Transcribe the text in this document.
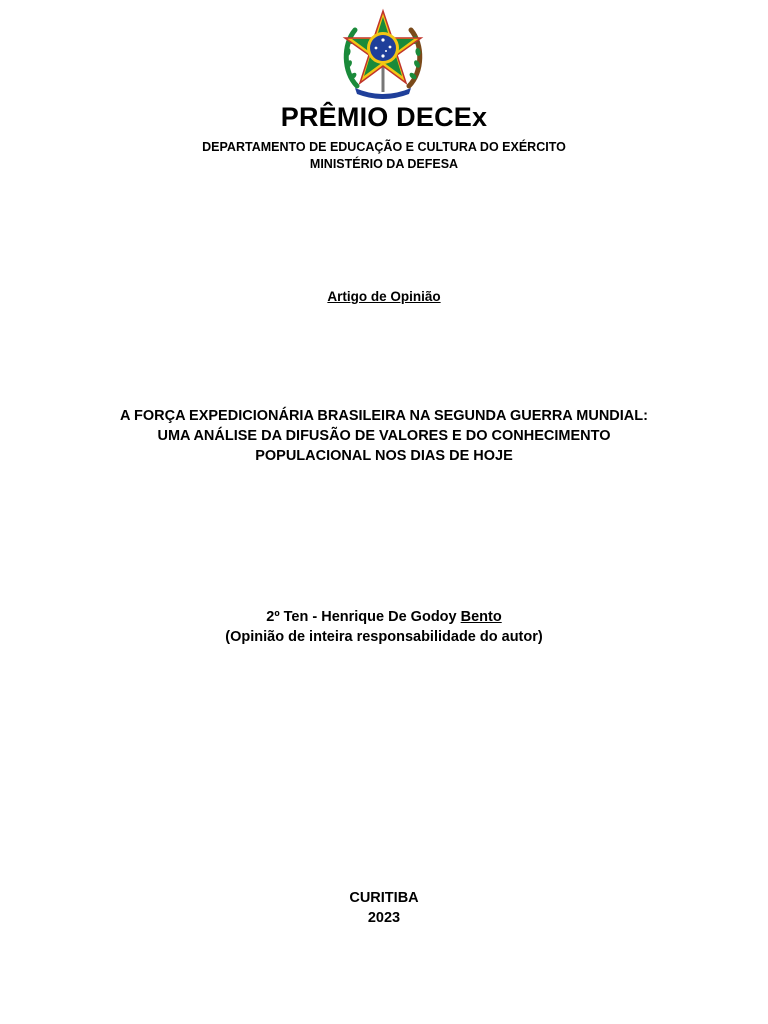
PRÊMIO DECEx
DEPARTAMENTO DE EDUCAÇÃO E CULTURA DO EXÉRCITO
MINISTÉRIO DA DEFESA
Artigo de Opinião
A FORÇA EXPEDICIONÁRIA BRASILEIRA NA SEGUNDA GUERRA MUNDIAL:
UMA ANÁLISE DA DIFUSÃO DE VALORES E DO CONHECIMENTO
POPULACIONAL NOS DIAS DE HOJE
2º Ten - Henrique De Godoy Bento
(Opinião de inteira responsabilidade do autor)
CURITIBA
2023
